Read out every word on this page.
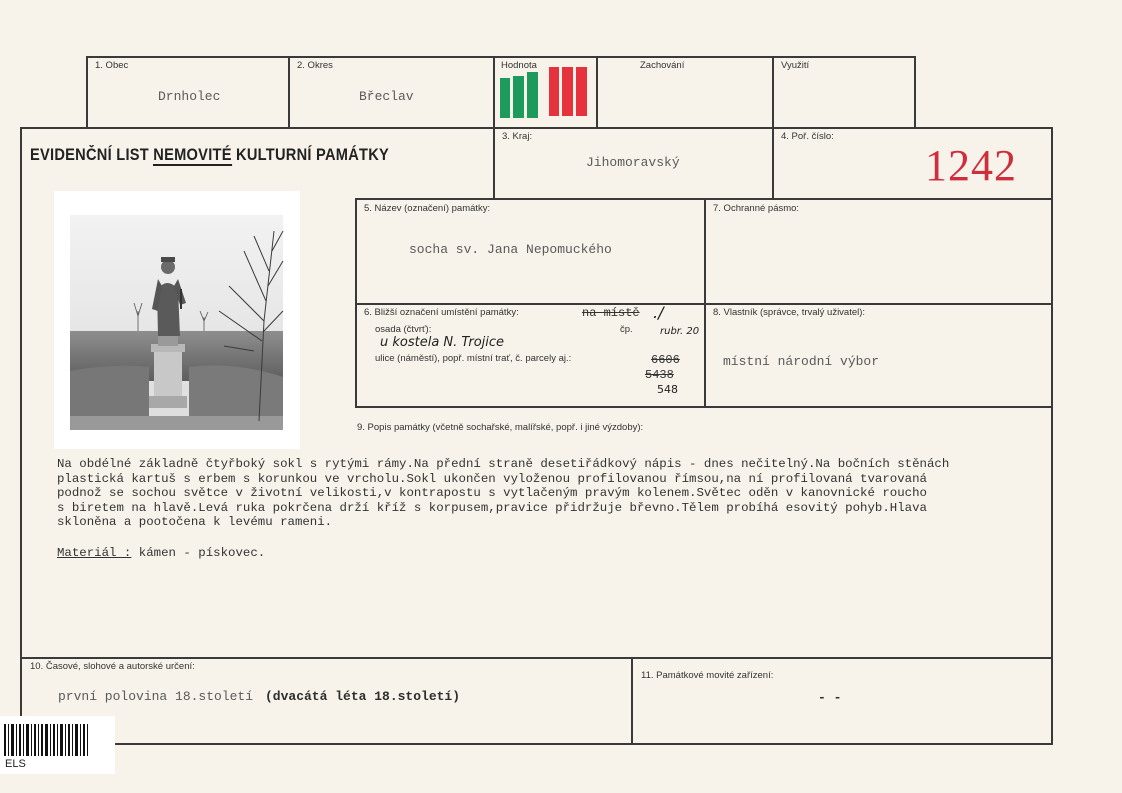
1. Obec
Drnholec
2. Okres
Břeclav
Hodnota	Zachování	Využití
EVIDENČNÍ LIST NEMOVITÉ KULTURNÍ PAMÁTKY
3. Kraj:
Jihomoravský
4. Poř. číslo:
1242
5. Název (označení) památky:
socha sv. Jana Nepomuckého
7. Ochranné pásmo:
6. Bližší označení umístění památky:	na místě ./
osada (čtvrť):
u kostela N. Trojice
čp.	rubr. 20
ulice (náměstí), popř. místní trať, č. parcely aj.:	6606
5438
548
8. Vlastník (správce, trvalý uživatel):
místní národní výbor
9. Popis památky (včetně sochařské, malířské, popř. i jiné výzdoby):
Na obdélné základně čtyřboký sokl s rytými rámy.Na přední straně desetiřádkový nápis - dnes nečitelný.Na bočních stěnách
plastická kartuš s erbem s korunkou ve vrcholu.Sokl ukončen vyloženou profilovanou římsou,na ní profilovaná tvarovaná
podnož se sochou světce v životní velikosti,v kontrapostu s vytlačeným pravým kolenem.Světec oděn v kanovnické roucho
s biretem na hlavě.Levá ruka pokrčena drží kříž s korpusem,pravice přidržuje břevno.Tělem probíhá esovitý pohyb.Hlava
skloněna a pootočena k levému rameni.
Materiál : kámen - pískovec.
10. Časové, slohové a autorské určení:
první polovina 18.století (dvacátá léta 18.století)
11. Památkové movité zařízení:
- -
ELS
